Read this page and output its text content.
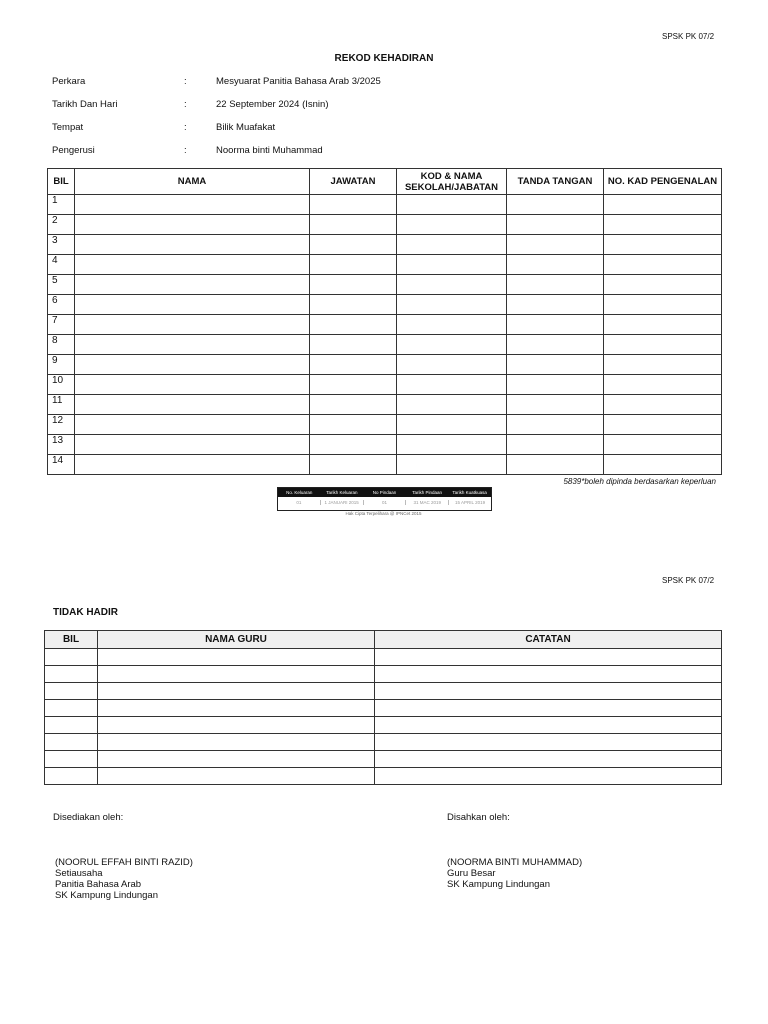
SPSK PK 07/2
REKOD KEHADIRAN
Perkara	:	Mesyuarat Panitia Bahasa Arab 3/2025
Tarikh Dan Hari	:	22 September 2024 (Isnin)
Tempat	:	Bilik Muafakat
Pengerusi	:	Noorma binti Muhammad
BIL	NAMA	JAWATAN	KOD & NAMA SEKOLAH/JABATAN	TANDA TANGAN	NO. KAD PENGENALAN
1					
2					
3					
4					
5					
6					
7					
8					
9					
10					
11					
12					
13					
14					
5839*boleh dipinda berdasarkan keperluan
No. Keluaran	Tarikh Keluaran	No Pindaan	Tarikh Pindaan	Tarikh Kuatkuasa
01	1 JANUARI 2015	01	31 MAC 2019	15 APRIL 2019
Hak Cipta Terpelihara @ IPNCet 2015
SPSK PK 07/2
TIDAK HADIR
BIL	NAMA GURU	CATATAN

Disediakan oleh:
(NOORUL EFFAH BINTI RAZID)
Setiausaha
Panitia Bahasa Arab
SK Kampung Lindungan
Disahkan oleh:
(NOORMA BINTI MUHAMMAD)
Guru Besar
SK Kampung Lindungan
